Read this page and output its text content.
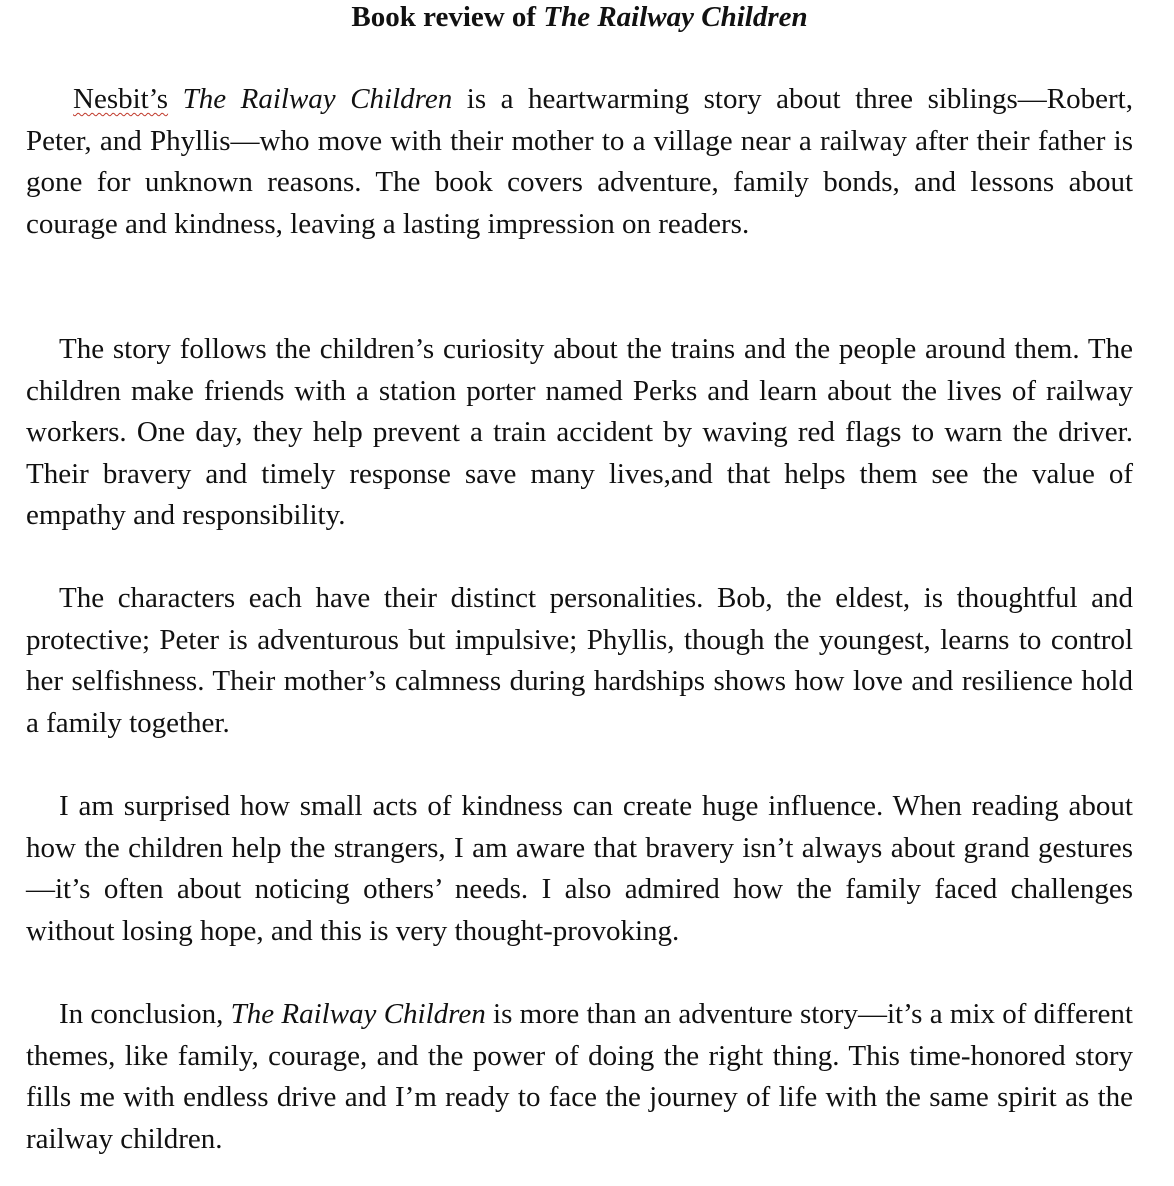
Book review of The Railway Children

Nesbit’s The Railway Children is a heartwarming story about three siblings—Robert, Peter, and Phyllis—who move with their mother to a village near a railway after their father is gone for unknown reasons. The book covers adventure, family bonds, and lessons about courage and kindness, leaving a lasting impression on readers.

The story follows the children’s curiosity about the trains and the people around them. The children make friends with a station porter named Perks and learn about the lives of railway workers. One day, they help prevent a train accident by waving red flags to warn the driver. Their bravery and timely response save many lives,and that helps them see the value of empathy and responsibility.

The characters each have their distinct personalities. Bob, the eldest, is thoughtful and protective; Peter is adventurous but impulsive; Phyllis, though the youngest, learns to control her selfishness. Their mother’s calmness during hardships shows how love and resilience hold a family together.

I am surprised how small acts of kindness can create huge influence. When reading about how the children help the strangers, I am aware that bravery isn’t always about grand gestures—it’s often about noticing others’ needs. I also admired how the family faced challenges without losing hope, and this is very thought-provoking.

In conclusion, The Railway Children is more than an adventure story—it’s a mix of different themes, like family, courage, and the power of doing the right thing. This time-honored story fills me with endless drive and I’m ready to face the journey of life with the same spirit as the railway children.
